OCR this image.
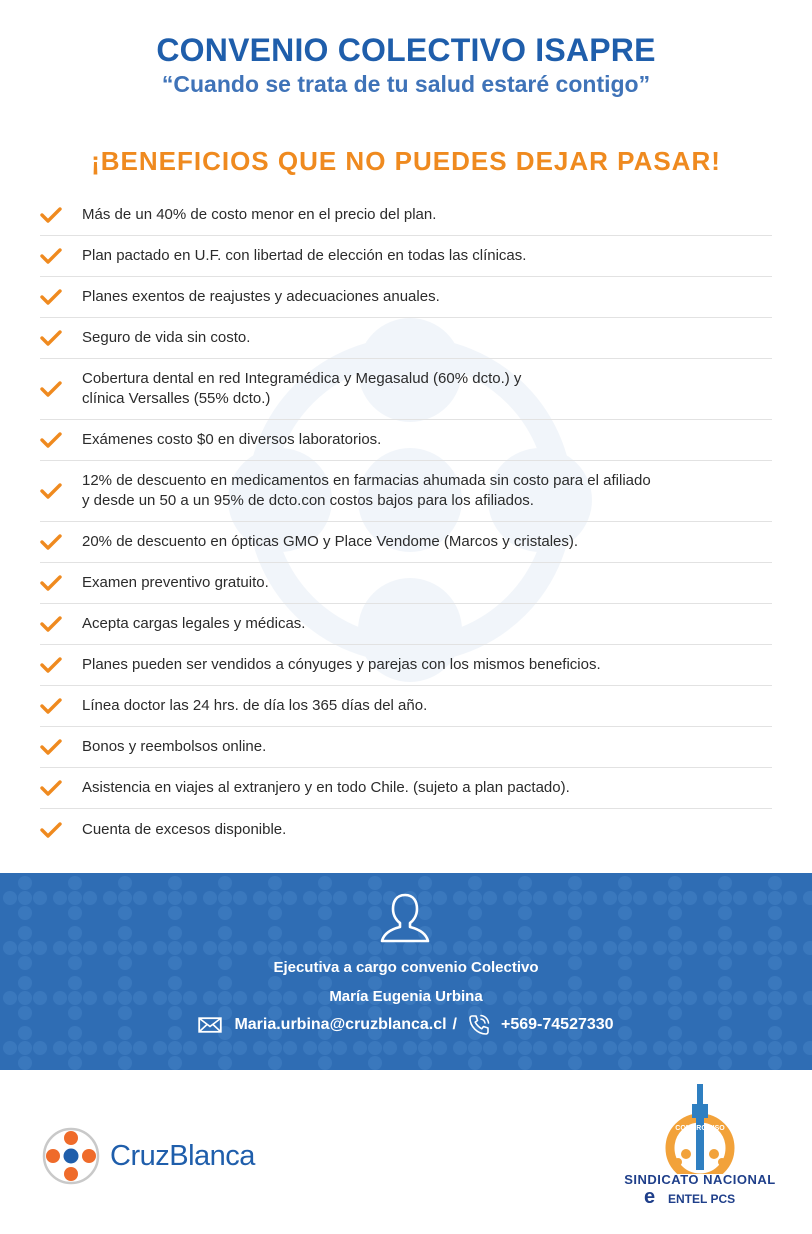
CONVENIO COLECTIVO ISAPRE
“Cuando se trata de tu salud estaré contigo”
¡BENEFICIOS QUE NO PUEDES DEJAR PASAR!
Más de un 40% de costo menor en el precio del plan.
Plan pactado en U.F. con libertad de elección en todas las clínicas.
Planes exentos de reajustes y adecuaciones anuales.
Seguro de vida sin costo.
Cobertura dental en red Integramédica y Megasalud (60% dcto.) y
clínica Versalles (55% dcto.)
Exámenes costo $0 en diversos laboratorios.
12% de descuento en medicamentos en farmacias ahumada sin costo para el afiliado
y desde un 50 a un 95% de dcto.con costos bajos para los afiliados.
20% de descuento en ópticas GMO y Place Vendome (Marcos y cristales).
Examen preventivo gratuito.
Acepta cargas legales y médicas.
Planes pueden ser vendidos a cónyuges y parejas con los mismos beneficios.
Línea doctor las 24 hrs. de día los 365 días del año.
Bonos y reembolsos online.
Asistencia en viajes al extranjero y en todo Chile. (sujeto a plan pactado).
Cuenta de excesos disponible.
Ejecutiva a cargo convenio Colectivo
María Eugenia Urbina
Maria.urbina@cruzblanca.cl /	+569-74527330
CruzBlanca
COMPROMISO
SINDICATO NACIONAL
e ENTEL PCS
